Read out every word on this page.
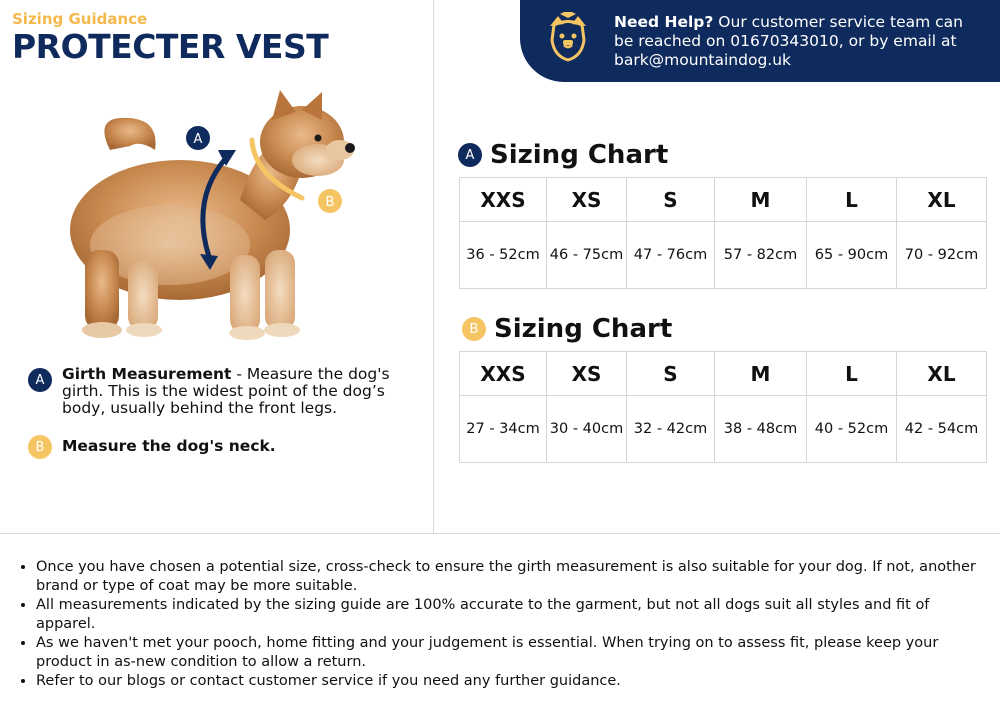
Sizing Guidance
PROTECTER VEST
Need Help? Our customer service team can be reached on 01670343010, or by email at bark@mountaindog.uk
A
B
A	Girth Measurement - Measure the dog's girth. This is the widest point of the dog’s body, usually behind the front legs.
B	Measure the dog's neck.
A Sizing Chart
XXS	XS	S	M	L	XL
36 - 52cm	46 - 75cm	47 - 76cm	57 - 82cm	65 - 90cm	70 - 92cm
B Sizing Chart
XXS	XS	S	M	L	XL
27 - 34cm	30 - 40cm	32 - 42cm	38 - 48cm	40 - 52cm	42 - 54cm
• Once you have chosen a potential size, cross-check to ensure the girth measurement is also suitable for your dog. If not, another brand or type of coat may be more suitable.
• All measurements indicated by the sizing guide are 100% accurate to the garment, but not all dogs suit all styles and fit of apparel.
• As we haven't met your pooch, home fitting and your judgement is essential. When trying on to assess fit, please keep your product in as-new condition to allow a return.
• Refer to our blogs or contact customer service if you need any further guidance.
